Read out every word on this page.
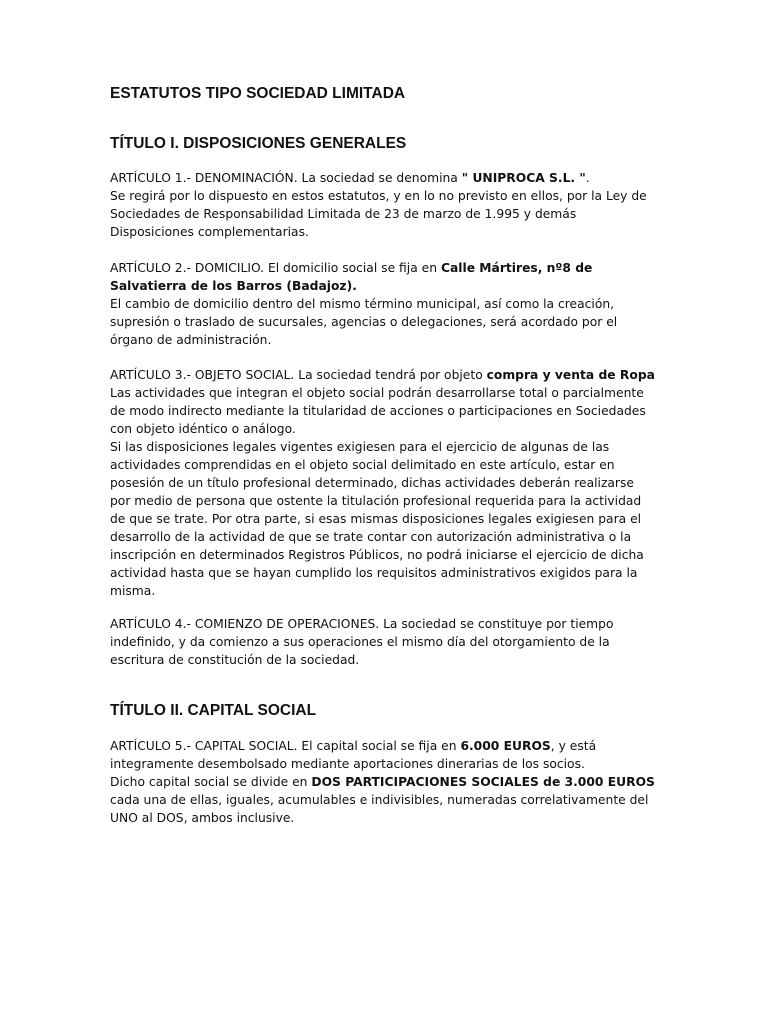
ESTATUTOS TIPO SOCIEDAD LIMITADA
TÍTULO I. DISPOSICIONES GENERALES

ARTÍCULO 1.- DENOMINACIÓN. La sociedad se denomina " UNIPROCA S.L. ".
Se regirá por lo dispuesto en estos estatutos, y en lo no previsto en ellos, por la Ley de
Sociedades de Responsabilidad Limitada de 23 de marzo de 1.995 y demás
Disposiciones complementarias.

ARTÍCULO 2.- DOMICILIO. El domicilio social se fija en Calle Mártires, nº8 de
Salvatierra de los Barros (Badajoz).
El cambio de domicilio dentro del mismo término municipal, así como la creación,
supresión o traslado de sucursales, agencias o delegaciones, será acordado por el
órgano de administración.

ARTÍCULO 3.- OBJETO SOCIAL. La sociedad tendrá por objeto compra y venta de Ropa
Las actividades que integran el objeto social podrán desarrollarse total o parcialmente
de modo indirecto mediante la titularidad de acciones o participaciones en Sociedades
con objeto idéntico o análogo.
Si las disposiciones legales vigentes exigiesen para el ejercicio de algunas de las
actividades comprendidas en el objeto social delimitado en este artículo, estar en
posesión de un título profesional determinado, dichas actividades deberán realizarse
por medio de persona que ostente la titulación profesional requerida para la actividad
de que se trate. Por otra parte, si esas mismas disposiciones legales exigiesen para el
desarrollo de la actividad de que se trate contar con autorización administrativa o la
inscripción en determinados Registros Públicos, no podrá iniciarse el ejercicio de dicha
actividad hasta que se hayan cumplido los requisitos administrativos exigidos para la
misma.

ARTÍCULO 4.- COMIENZO DE OPERACIONES. La sociedad se constituye por tiempo
indefinido, y da comienzo a sus operaciones el mismo día del otorgamiento de la
escritura de constitución de la sociedad.

TÍTULO II. CAPITAL SOCIAL

ARTÍCULO 5.- CAPITAL SOCIAL. El capital social se fija en 6.000 EUROS, y está
integramente desembolsado mediante aportaciones dinerarias de los socios.
Dicho capital social se divide en DOS PARTICIPACIONES SOCIALES de 3.000 EUROS
cada una de ellas, iguales, acumulables e indivisibles, numeradas correlativamente del
UNO al DOS, ambos inclusive.
